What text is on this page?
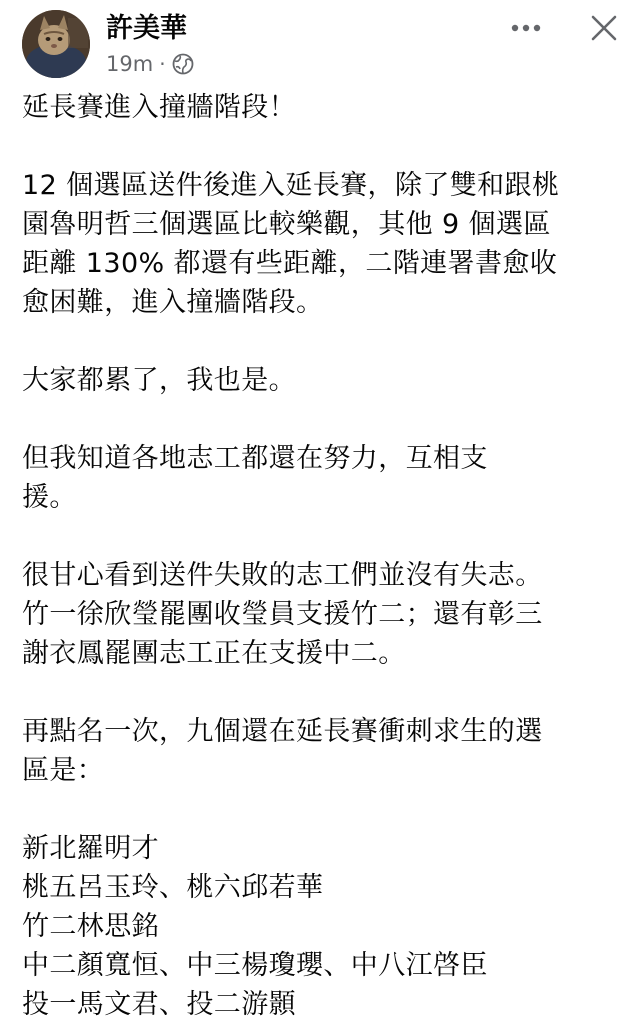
許美華
19m ·

延長賽進入撞牆階段！

12 個選區送件後進入延長賽，除了雙和跟桃
園魯明哲三個選區比較樂觀，其他 9 個選區
距離 130% 都還有些距離，二階連署書愈收
愈困難，進入撞牆階段。

大家都累了，我也是。

但我知道各地志工都還在努力，互相支
援。

很甘心看到送件失敗的志工們並沒有失志。
竹一徐欣瑩罷團收瑩員支援竹二；還有彰三
謝衣鳳罷團志工正在支援中二。

再點名一次，九個還在延長賽衝刺求生的選
區是：

新北羅明才
桃五呂玉玲、桃六邱若華
竹二林思銘
中二顏寬恒、中三楊瓊瓔、中八江啓臣
投一馬文君、投二游顥
